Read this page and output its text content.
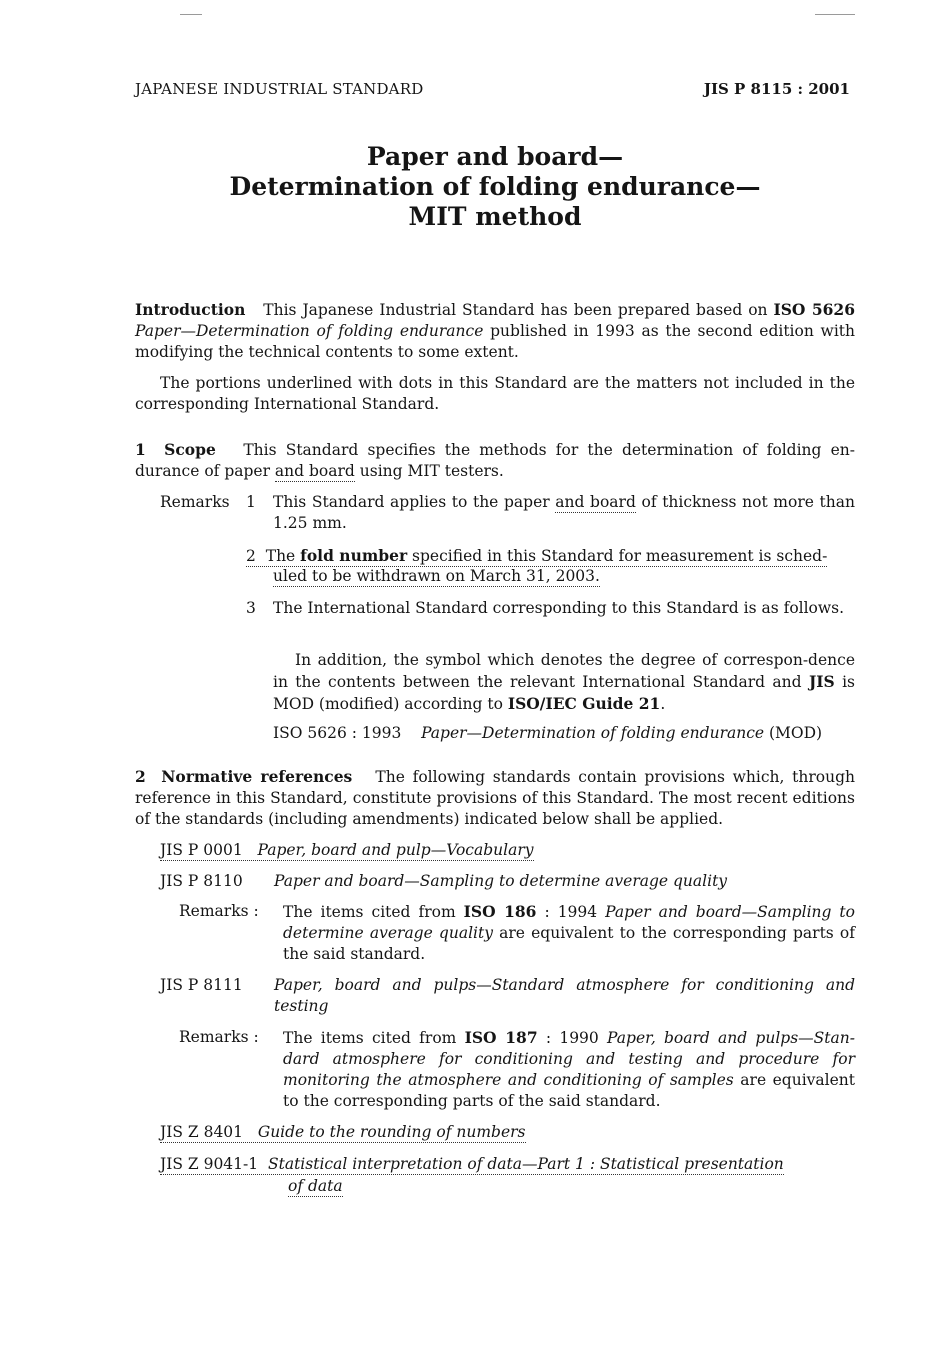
JAPANESE INDUSTRIAL STANDARD	JIS P 8115 : 2001
Paper and board—
Determination of folding endurance—
MIT method
Introduction This Japanese Industrial Standard has been prepared based on ISO 5626 Paper—Determination of folding endurance published in 1993 as the second edition with modifying the technical contents to some extent.
The portions underlined with dots in this Standard are the matters not included in the corresponding International Standard.
1 Scope This Standard specifies the methods for the determination of folding en-durance of paper and board using MIT testers.
Remarks 1 This Standard applies to the paper and board of thickness not more than 1.25 mm.
2 The fold number specified in this Standard for measurement is sched-
uled to be withdrawn on March 31, 2003.
3 The International Standard corresponding to this Standard is as follows.
In addition, the symbol which denotes the degree of correspon-dence in the contents between the relevant International Standard and JIS is MOD (modified) according to ISO/IEC Guide 21.
ISO 5626 : 1993 Paper—Determination of folding endurance (MOD)
2 Normative references The following standards contain provisions which, through reference in this Standard, constitute provisions of this Standard. The most recent editions of the standards (including amendments) indicated below shall be applied.
JIS P 0001 Paper, board and pulp—Vocabulary
JIS P 8110 Paper and board—Sampling to determine average quality
Remarks : The items cited from ISO 186 : 1994 Paper and board—Sampling to determine average quality are equivalent to the corresponding parts of the said standard.
JIS P 8111 Paper, board and pulps—Standard atmosphere for conditioning and testing
Remarks : The items cited from ISO 187 : 1990 Paper, board and pulps—Stan-dard atmosphere for conditioning and testing and procedure for monitoring the atmosphere and conditioning of samples are equivalent to the corresponding parts of the said standard.
JIS Z 8401 Guide to the rounding of numbers
JIS Z 9041-1 Statistical interpretation of data—Part 1 : Statistical presentation
of data
